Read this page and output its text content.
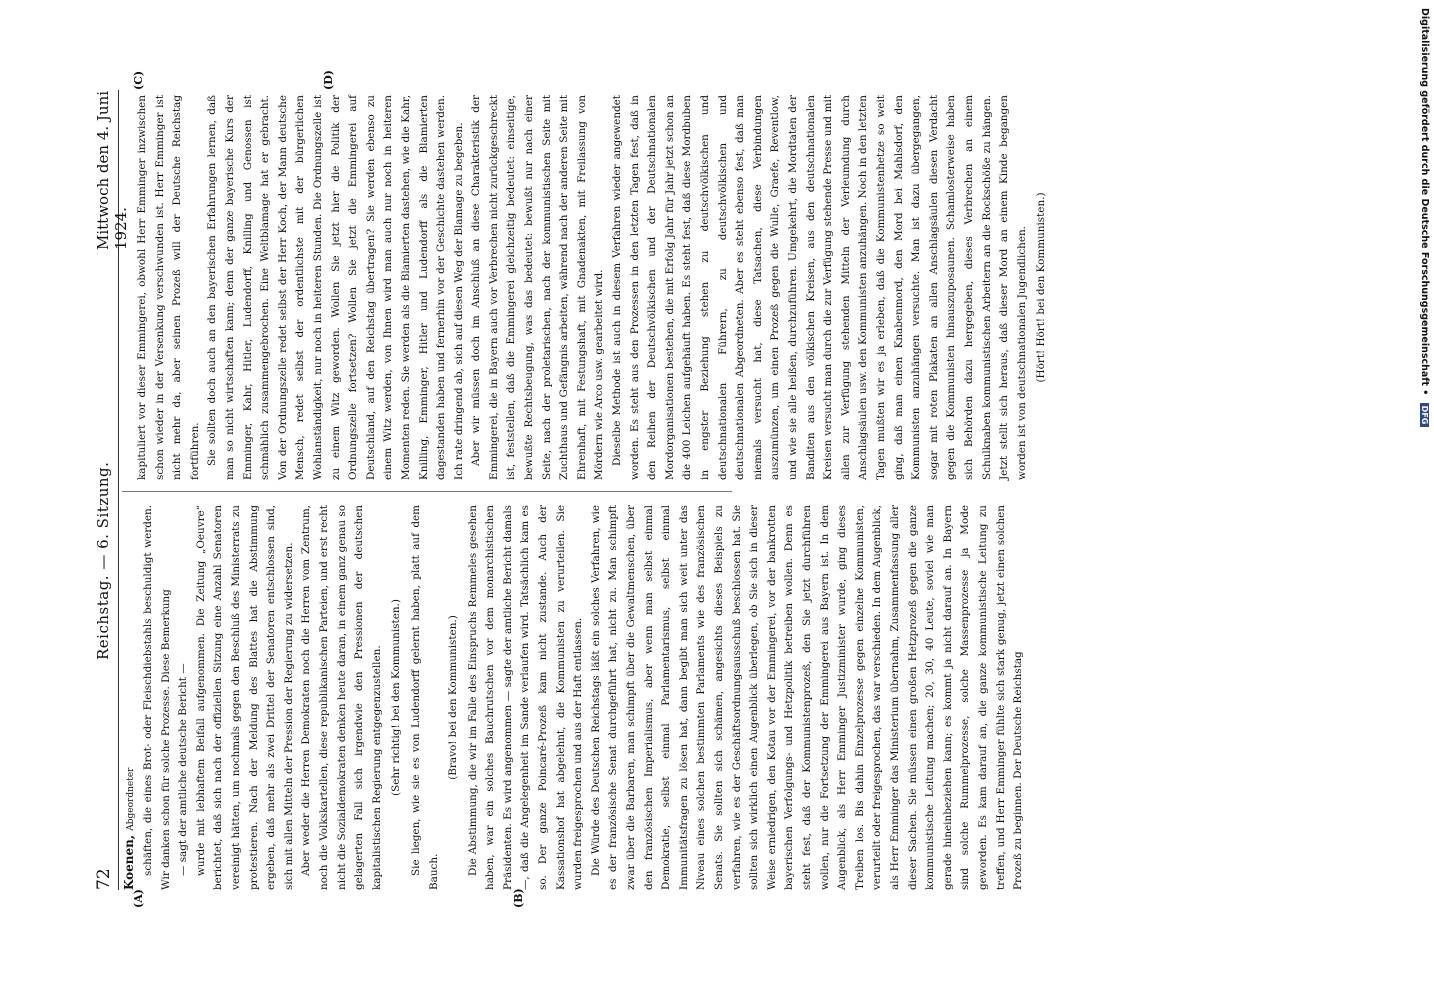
72
Reichstag. — 6. Sitzung.
Mittwoch den 4. Juni 1924.
Koenen, Abgeordneter
(A)	(B)
(C)	(D)

schäften, die eines Brot- oder Fleischdiebstahls beschuldigt werden. Wir danken schon für solche Prozesse. Diese Bemerkung — sagt der amtliche deutsche Bericht — wurde mit lebhaftem Beifall aufgenommen. Die Zeitung „Oeuvre“ berichtet, daß sich nach der offiziellen Sitzung eine Anzahl Senatoren vereinigt hätten, um nochmals gegen den Beschluß des Ministerrats zu protestieren. Nach der Meldung des Blattes hat die Abstimmung ergeben, daß mehr als zwei Drittel der Senatoren entschlossen sind, sich mit allen Mitteln der Pression der Regierung zu widersetzen. Aber weder die Herren Demokraten noch die Herren vom Zentrum, noch die Volkskartellen, diese republikanischen Parteien, und erst recht nicht die Sozialdemokraten denken heute daran, in einem ganz genau so gelagerten Fall sich irgendwie den Pressionen der deutschen kapitalistischen Regierung entgegenzustellen. (Sehr richtig! bei den Kommunisten.) Sie liegen, wie sie es von Ludendorff gelernt haben, platt auf dem Bauch.

(Bravo! bei den Kommunisten.) Die Abstimmung, die wir im Falle des Einspruchs Remmeles gesehen haben, war ein solches Bauchrutschen vor dem monarchistischen Präsidenten. Es wird angenommen — sagte der amtliche Bericht damals —, daß die Angelegenheit im Sande verlaufen wird. Tatsächlich kam es so. Der ganze Poincaré-Prozeß kam nicht zustande. Auch der Kassationshof hat abgelehnt, die Kommunisten zu verurteilen. Sie wurden freigesprochen und aus der Haft entlassen. Die Würde des Deutschen Reichstags läßt ein solches Verfahren, wie es der französische Senat durchgeführt hat, nicht zu. Man schimpft zwar über die Barbaren, man schimpft über die Gewaltmenschen, über den französischen Imperialismus, aber wenn man selbst einmal Demokratie, selbst einmal Parlamentarismus, selbst einmal Immunitätsfragen zu lösen hat, dann begibt man sich weit unter das Niveau eines solchen bestimmten Parlaments wie des französischen Senats. Sie sollten sich schämen, angesichts dieses Beispiels zu verfahren, wie es der Geschäftsordnungsausschuß beschlossen hat. Sie sollten sich wirklich einen Augenblick überlegen, ob Sie sich in dieser Weise erniedrigen, den Kotau vor der Emmingerei, vor der bankrotten bayerischen Verfolgungs- und Hetzpolitik betreiben wollen. Denn es steht fest, daß der Kommunistenprozeß, den Sie jetzt durchführen wollen, nur die Fortsetzung der Emmingerei aus Bayern ist. In dem Augenblick, als Herr Emminger Justizminister wurde, ging dieses Treiben los. Bis dahin Einzelprozesse gegen einzelne Kommunisten, verurteilt oder freigesprochen, das war verschieden. In dem Augenblick, als Herr Emminger das Ministerium übernahm, Zusammenfassung aller dieser Sachen. Sie müssen einen großen Hetzprozeß gegen die ganze kommunistische Leitung machen; 20, 30, 40 Leute, soviel wie man gerade hineinbeziehen kann; es kommt ja nicht darauf an. In Bayern sind solche Rummelprozesse, solche Massenprozesse ja Mode geworden. Es kam darauf an, die ganze kommunistische Leitung zu treffen, und Herr Emminger fühlte sich stark genug, jetzt einen solchen Prozeß zu beginnen. Der Deutsche Reichstag

kapituliert vor dieser Emmingerei, obwohl Herr Emminger inzwischen schon wieder in der Versenkung verschwunden ist. Herr Emminger ist nicht mehr da, aber seinen Prozeß will der Deutsche Reichstag fortführen. Sie sollten doch auch an den bayerischen Erfahrungen lernen, daß man so nicht wirtschaften kann; denn der ganze bayerische Kurs der Emminger, Kahr, Hitler, Ludendorff, Knilling und Genossen ist schmählich zusammengebrochen. Eine Weltblamage hat er gebracht. Von der Ordnungszelle redet selbst der Herr Koch, der Mann deutsche Mensch, redet selbst der ordentlichste mit der bürgerlichen Wohlanständigkeit, nur noch in heiteren Stunden. Die Ordnungszelle ist zu einem Witz geworden. Wollen Sie jetzt hier die Politik der Ordnungszelle fortsetzen? Wollen Sie jetzt die Emmingerei auf Deutschland, auf den Reichstag übertragen? Sie werden ebenso zu einem Witz werden, von Ihnen wird man auch nur noch in heiteren Momenten reden. Sie werden als die Blamierten dastehen, wie die Kahr, Knilling, Emminger, Hitler und Ludendorff als die Blamierten dagestanden haben und fernerhin vor der Geschichte dastehen werden. Ich rate dringend ab, sich auf diesen Weg der Blamage zu begeben. Aber wir müssen doch im Anschluß an diese Charakteristik der Emmingerei, die in Bayern auch vor Verbrechen nicht zurückgeschreckt ist, feststellen, daß die Emmingerei gleichzeitig bedeutet: einseitige, bewußte Rechtsbeugung, was das bedeutet: bewußt nur nach einer Seite, nach der proletarischen, nach der kommunistischen Seite mit Zuchthaus und Gefängnis arbeiten, während nach der anderen Seite mit Ehrenhaft, mit Festungshaft, mit Gnadenakten, mit Freilassung von Mördern wie Arco usw. gearbeitet wird. Dieselbe Methode ist auch in diesem Verfahren wieder angewendet worden. Es steht aus den Prozessen in den letzten Tagen fest, daß in den Reihen der Deutschvölkischen und der Deutschnationalen Mordorganisationen bestehen, die mit Erfolg Jahr für Jahr jetzt schon an die 400 Leichen aufgehäuft haben. Es steht fest, daß diese Mordbuben in engster Beziehung stehen zu deutschvölkischen und deutschnationalen Führern, zu deutschvölkischen und deutschnationalen Abgeordneten. Aber es steht ebenso fest, daß man niemals versucht hat, diese Tatsachen, diese Verbindungen auszumünzen, um einen Prozeß gegen die Wulle, Graefe, Reventlow, und wie sie alle heißen, durchzuführen. Umgekehrt, die Mordtaten der Banditen aus den völkischen Kreisen, aus den deutschnationalen Kreisen versucht man durch die zur Verfügung stehende Presse und mit allen zur Verfügung stehenden Mitteln der Verleumdung durch Anschlagsäulen usw. den Kommunisten anzuhängen. Noch in den letzten Tagen mußten wir es ja erleben, daß die Kommunistenhetze so weit ging, daß man einen Knabenmord, den Mord bei Mahlsdorf, den Kommunisten anzuhängen versuchte. Man ist dazu übergegangen, sogar mit roten Plakaten an allen Anschlagsäulen diesen Verdacht gegen die Kommunisten hinauszuposaunen. Schamlosterweise haben sich Behörden dazu hergegeben, dieses Verbrechen an einem Schulknaben kommunistischen Arbeitern an die Rockschöße zu hängen. Jetzt stellt sich heraus, daß dieser Mord an einem Kinde begangen worden ist von deutschnationalen Jugendlichen. (Hört! Hört! bei den Kommunisten.)	Digitalisierung gefördert durch die Deutsche Forschungsgemeinschaft • DFG
